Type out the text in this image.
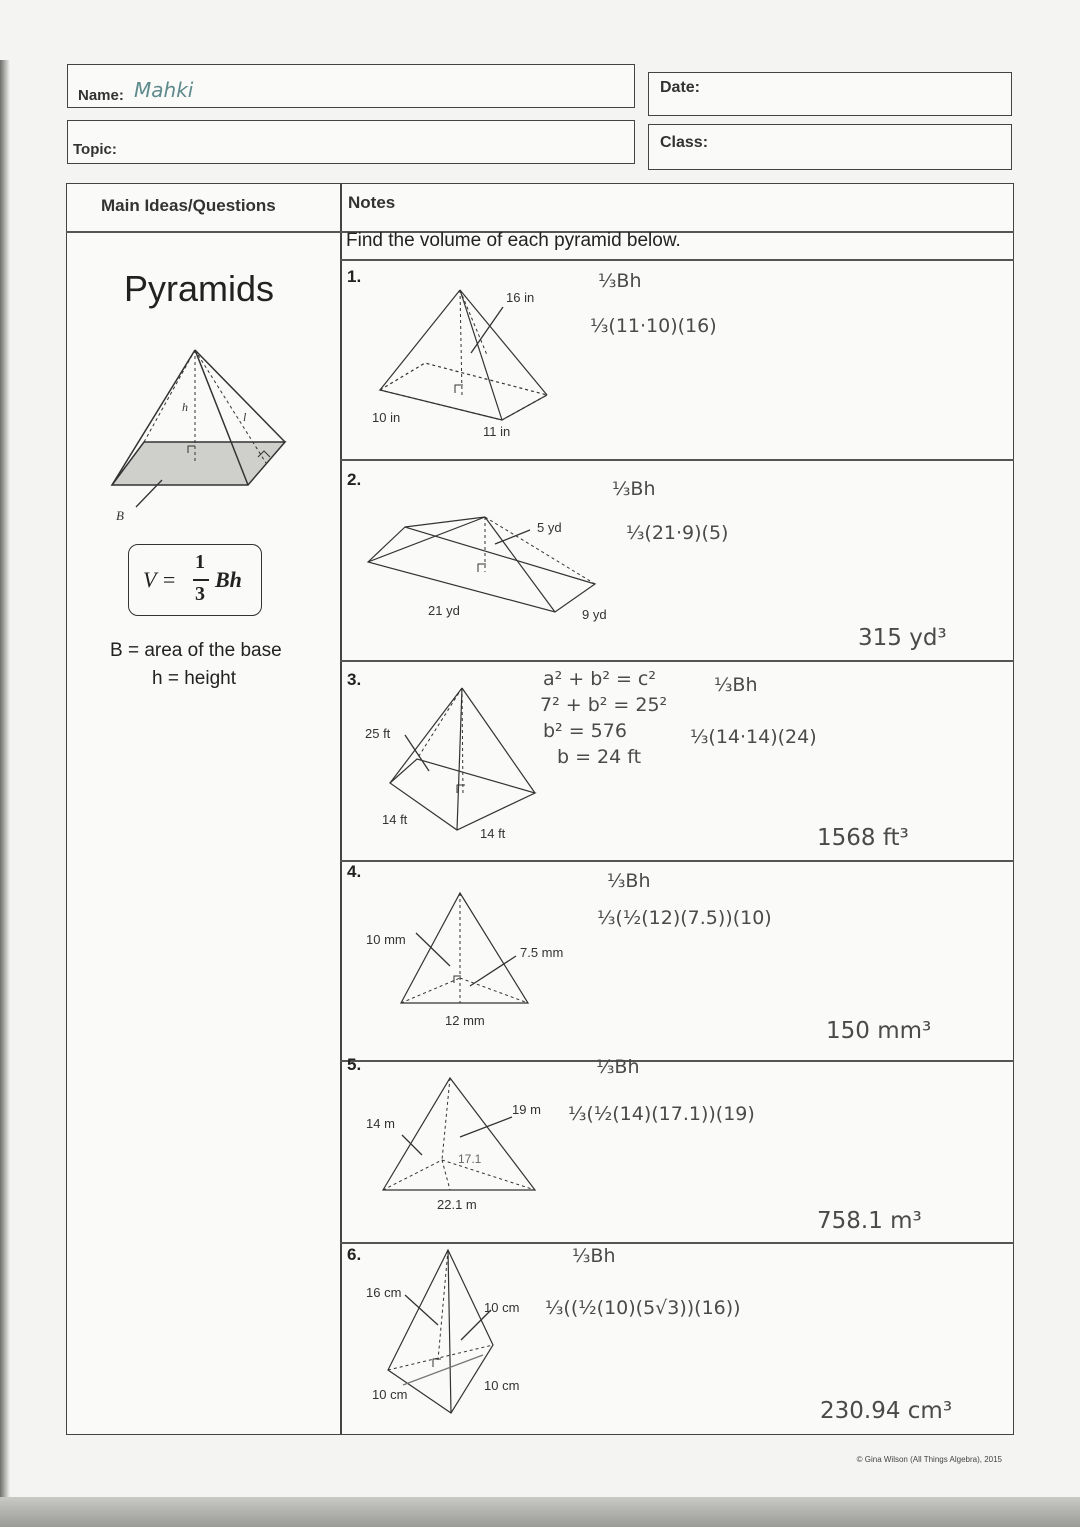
Name: Mahki	Date:
Topic:	Class:
Main Ideas/Questions	Notes
Find the volume of each pyramid below.
Pyramids
h
l
B
V =
1
3
Bh
B = area of the base
h = height
1.
16 in
10 in
11 in
⅓Bh
⅓(11·10)(16)
2.
5 yd
21 yd	9 yd
⅓Bh
⅓(21·9)(5)
315 yd³
3.
25 ft
14 ft
14 ft
a² + b² = c²
7² + b² = 25²
b² = 576
b = 24 ft
⅓Bh
⅓(14·14)(24)
1568 ft³
4.
10 mm
7.5 mm
12 mm
⅓Bh
⅓(½(12)(7.5))(10)
150 mm³
5.
14 m
19 m
17.1
22.1 m
⅓Bh
⅓(½(14)(17.1))(19)
758.1 m³
6.
16 cm
10 cm
10 cm
10 cm
⅓Bh
⅓((½(10)(5√3))(16))
230.94 cm³
© Gina Wilson (All Things Algebra), 2015
